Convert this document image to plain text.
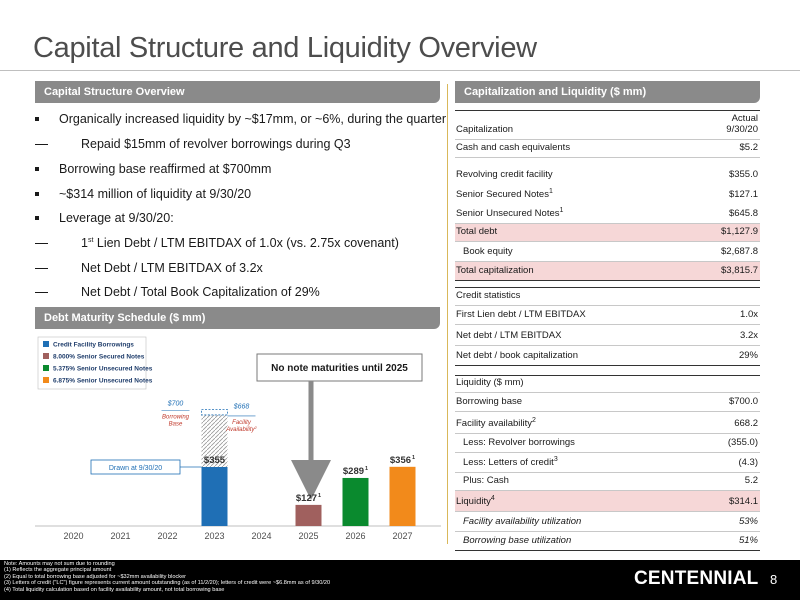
Capital Structure and Liquidity Overview
Capital Structure Overview
Debt Maturity Schedule ($ mm)
Capitalization and Liquidity ($ mm)
Organically increased liquidity by ~$17mm, or ~6%, during the quarter
Repaid $15mm of revolver borrowings during Q3
Borrowing base reaffirmed at $700mm
~$314 million of liquidity at 9/30/20
Leverage at 9/30/20:
1st Lien Debt / LTM EBITDAX of 1.0x (vs. 2.75x covenant)
Net Debt / LTM EBITDAX of 3.2x
Net Debt / Total Book Capitalization of 29%
Credit Facility Borrowings
8.000% Senior Secured Notes
5.375% Senior Unsecured Notes
6.875% Senior Unsecured Notes
No note maturities until 2025
Drawn at 9/30/20
$700
Borrowing
Base
$668
Facility
Availability$^2$
$355
$\$127^1$
$\$289^1$
$\$356^1$
2020	2021	2022	2023	2024	2025	2026	2027
Capitalization
Actual
9/30/20
Cash and cash equivalents	$5.2
Revolving credit facility	$355.0
Senior Secured Notes$^1$	$127.1
Senior Unsecured Notes$^1$	$645.8
Total debt	$1,127.9
Book equity	$2,687.8
Total capitalization	$3,815.7
Credit statistics
First Lien debt / LTM EBITDAX	1.0x
Net debt / LTM EBITDAX	3.2x
Net debt / book capitalization	29%
Liquidity ($ mm)
Borrowing base	$700.0
Facility availability$^2$	668.2
Less: Revolver borrowings	(355.0)
Less: Letters of credit$^3$	(4.3)
Plus: Cash	5.2
Liquidity$^4$	$314.1
Facility availability utilization	53%
Borrowing base utilization	51%
Note: Amounts may not sum due to rounding
(1) Reflects the aggregate principal amount
(2) Equal to total borrowing base adjusted for ~$32mm availability blocker
(3) Letters of credit ("LC") figure represents current amount outstanding (as of 11/2/20); letters of credit were ~$6.8mm as of 9/30/20
(4) Total liquidity calculation based on facility availability amount, not total borrowing base
CENTENNIAL 8
